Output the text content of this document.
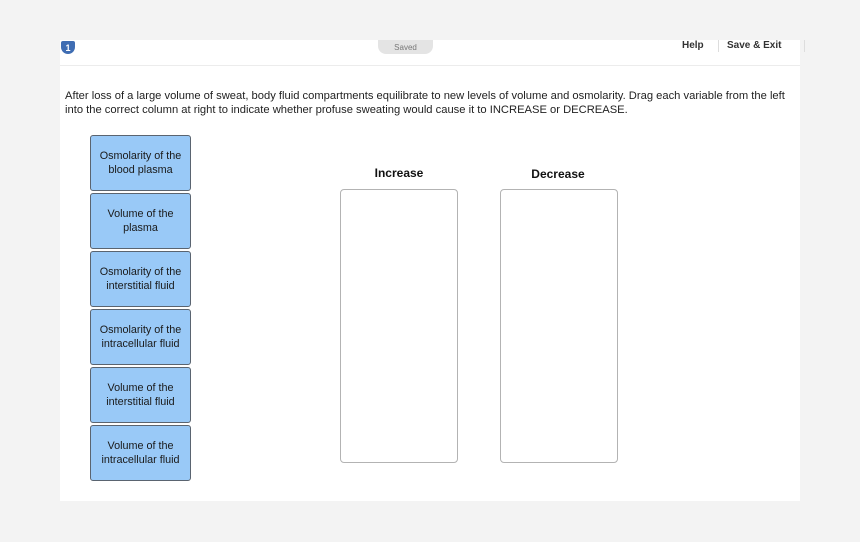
1	Saved	Help	Save & Exit

After loss of a large volume of sweat, body fluid compartments equilibrate to new levels of volume and osmolarity. Drag each variable from the left into the correct column at right to indicate whether profuse sweating would cause it to INCREASE or DECREASE.

Osmolarity of the blood plasma
Volume of the plasma
Osmolarity of the interstitial fluid
Osmolarity of the intracellular fluid
Volume of the interstitial fluid
Volume of the intracellular fluid
Increase	Decrease
